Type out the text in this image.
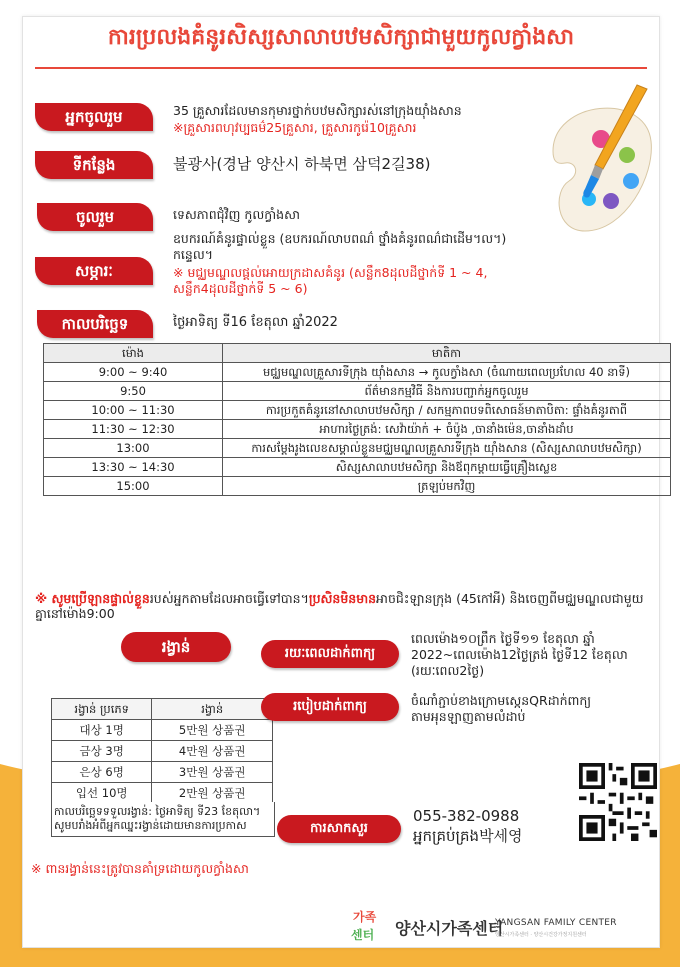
ការប្រលងគំនូរសិស្សសាលាបឋមសិក្សាជាមួយកូលក្វាំងសា
អ្នកចូលរួម	35 គ្រួសារដែលមានកុមារថ្នាក់បឋមសិក្សារស់នៅក្រុងយ៉ាំងសាន
※គ្រួសារពហុវប្បធម៌25គ្រួសារ, គ្រួសារកូរ៉េ10គ្រួសារ
ទីកន្លែង	불광사(경남 양산시 하북면 삼덕2길38)
ចូលរួម	ទេសភាពជុំវិញ កូលក្វាំងសា
សម្ភារៈ
ឧបករណ៍គំនូរផ្ទាល់ខ្លួន (ឧបករណ៍លាបពណ៌ ថ្នាំងគំនូរពណ៌ជាដើម។ល។)
កន្ទេល។
※ មជ្ឈមណ្ឌលផ្ដល់អោយក្រដាសគំនូរ (សន្លឹក8ដុលដីថ្នាក់ទី 1 ~ 4,
សន្លឹក4ដុលដីថ្នាក់ទី 5 ~ 6)
កាលបរិច្ឆេទ	ថ្ងៃអាទិត្យ ទី16 ខែតុលា ឆ្នាំ2022
ម៉ោង	មាតិកា
9:00 ~ 9:40	មជ្ឈមណ្ឌលគ្រួសារទីក្រុង យ៉ាំងសាន → កូលក្វាំងសា (ចំណាយពេលប្រហែល 40 នាទី)
9:50	ព័ត៌មានកម្មវិធី និងការបញ្ជាក់អ្នកចូលរួម
10:00 ~ 11:30	ការប្រកួតគំនូរនៅសាលាបឋមសិក្សា / សកម្មភាពបទពិសោធន៍មាតាបិតា: ផ្ទាំងគំនូរតាពី
11:30 ~ 12:30	អាហារថ្ងៃត្រង់: សេវ៉ាយ៉ាក់ + ចំប៉ូង ,ចានាំងម៉េន,ចានាំងដាំប
13:00	ការសម្ដែងរូងលេខសម្គាល់ខ្លួនមជ្ឈមណ្ឌលគ្រួសារទីក្រុង យ៉ាំងសាន (សិស្សសាលាបឋមសិក្សា)
13:30 ~ 14:30	សិស្សសាលាបឋមសិក្សា និងឪពុកម្ដាយធ្វើគ្រឿងស្លេខ
15:00	ត្រឡប់មកវិញ
※ សូមប្រើឡានផ្ទាល់ខ្លួនរបស់អ្នកតាមដែលអាចធ្វើទៅបាន។ប្រសិនមិនមានអាចជិះឡានក្រុង (45កៅអី) និងចេញពីមជ្ឈមណ្ឌលជាមួយគ្នានៅម៉ោង9:00
រង្វាន់
រង្វាន់ ប្រភេទ	រង្វាន់
대상 1명	5만원 상품권
금상 3명	4만원 상품권
은상 6명	3만원 상품권
입선 10명	2만원 상품권
កាលបរិច្ឆេទទទួលរង្វាន់: ថ្ងៃអាទិត្យ ទី23 ខែតុលា។ សូមបរាំងអំពីអ្នកឈ្នះរង្វាន់ដោយមានការប្រកាស
រយៈពេលដាក់ពាក្យ
ពេលម៉ោង១០ព្រឹក ថ្ងៃទី១១ ខែតុលា ឆ្នាំ 2022~ពេលម៉ោង12ថ្ងៃត្រង់ ថ្ងៃទី12 ខែតុលា (រយៈពេល2ថ្ងៃ)
របៀបដាក់ពាក្យ	ចំណាំភ្ជាប់ខាងក្រោមស្កេនQRដាក់ពាក្យតាមអុនឡាញតាមលំដាប់
ការសាកសួរ
055-382-0988
អ្នកគ្រប់គ្រង박세영
※ ពានរង្វាន់នេះត្រូវបានគាំទ្រដោយកូលក្វាំងសា
가족
센터 양산시가족센터
YANGSAN FAMILY CENTER
양산시가족센터 · 양산시건강가정지원센터
